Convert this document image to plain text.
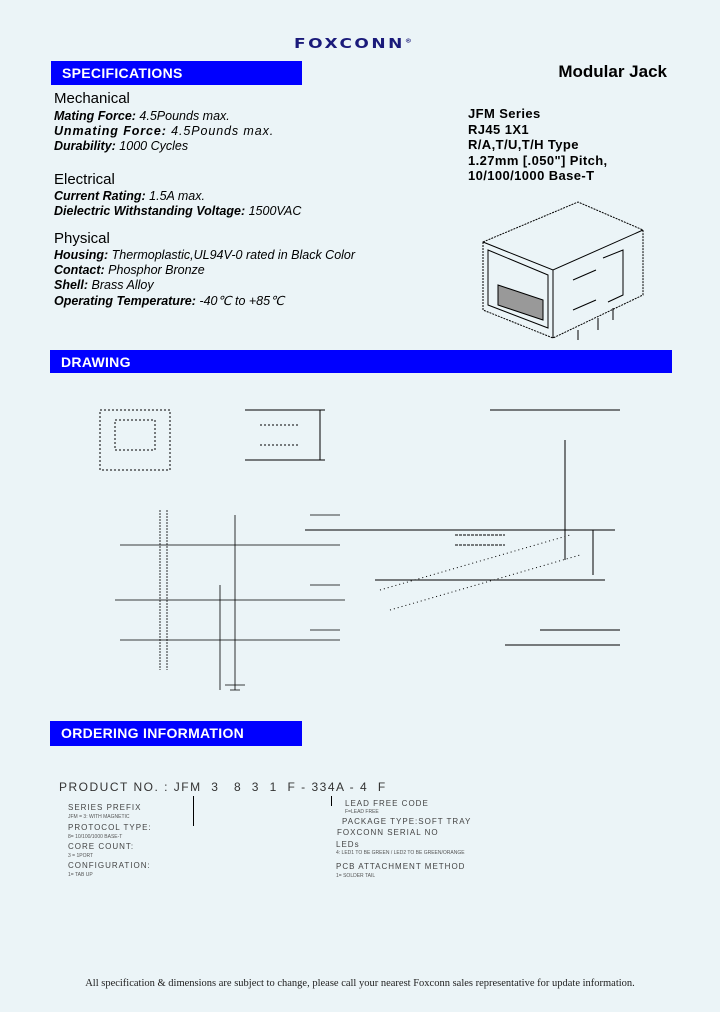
FOXCONN®
SPECIFICATIONS
Mechanical
Mating Force: 4.5Pounds max.
Unmating Force: 4.5Pounds max.
Durability: 1000 Cycles
Electrical
Current Rating: 1.5A max.
Dielectric Withstanding Voltage: 1500VAC
Physical
Housing: Thermoplastic,UL94V-0 rated in Black Color
Contact: Phosphor Bronze
Shell: Brass Alloy
Operating Temperature: -40℃ to +85℃
Modular Jack
JFM Series
RJ45 1X1
R/A,T/U,T/H Type
1.27mm [.050"] Pitch,
10/100/1000 Base-T
DRAWING
ORDERING INFORMATION
PRODUCT NO. : JFM  3   8  3  1  F - 334A - 4  F
SERIES PREFIX
JFM = 3: WITH MAGNETIC
PROTOCOL TYPE:
8= 10/100/1000 BASE-T
CORE COUNT:
3 = 1PORT
CONFIGURATION:
1= TAB UP
LEAD FREE CODE
F=LEAD FREE
PACKAGE TYPE:SOFT TRAY
FOXCONN SERIAL NO
LEDs
4: LED1 TO BE GREEN / LED2 TO BE GREEN/ORANGE
PCB ATTACHMENT METHOD
1= SOLDER TAIL
All specification & dimensions are subject to change, please call your nearest Foxconn sales representative for update information.
